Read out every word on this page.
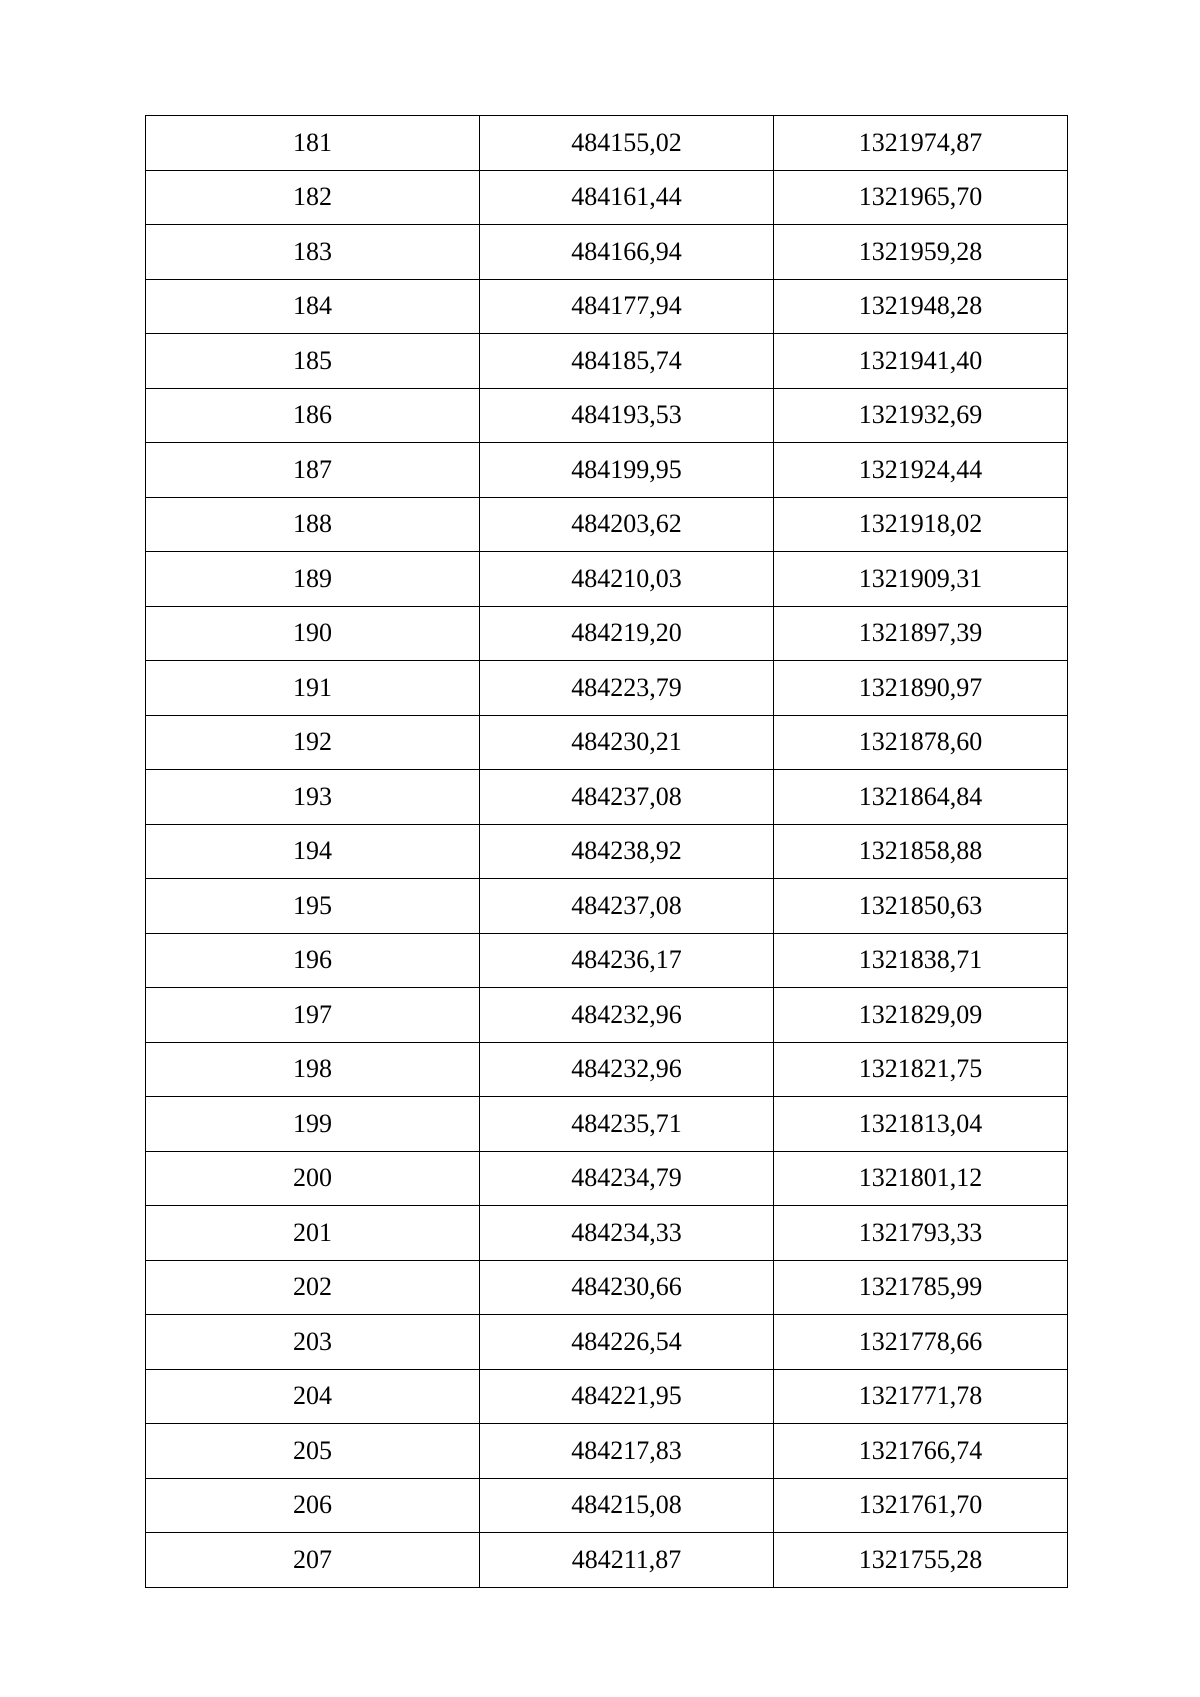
181	484155,02	1321974,87
182	484161,44	1321965,70
183	484166,94	1321959,28
184	484177,94	1321948,28
185	484185,74	1321941,40
186	484193,53	1321932,69
187	484199,95	1321924,44
188	484203,62	1321918,02
189	484210,03	1321909,31
190	484219,20	1321897,39
191	484223,79	1321890,97
192	484230,21	1321878,60
193	484237,08	1321864,84
194	484238,92	1321858,88
195	484237,08	1321850,63
196	484236,17	1321838,71
197	484232,96	1321829,09
198	484232,96	1321821,75
199	484235,71	1321813,04
200	484234,79	1321801,12
201	484234,33	1321793,33
202	484230,66	1321785,99
203	484226,54	1321778,66
204	484221,95	1321771,78
205	484217,83	1321766,74
206	484215,08	1321761,70
207	484211,87	1321755,28
